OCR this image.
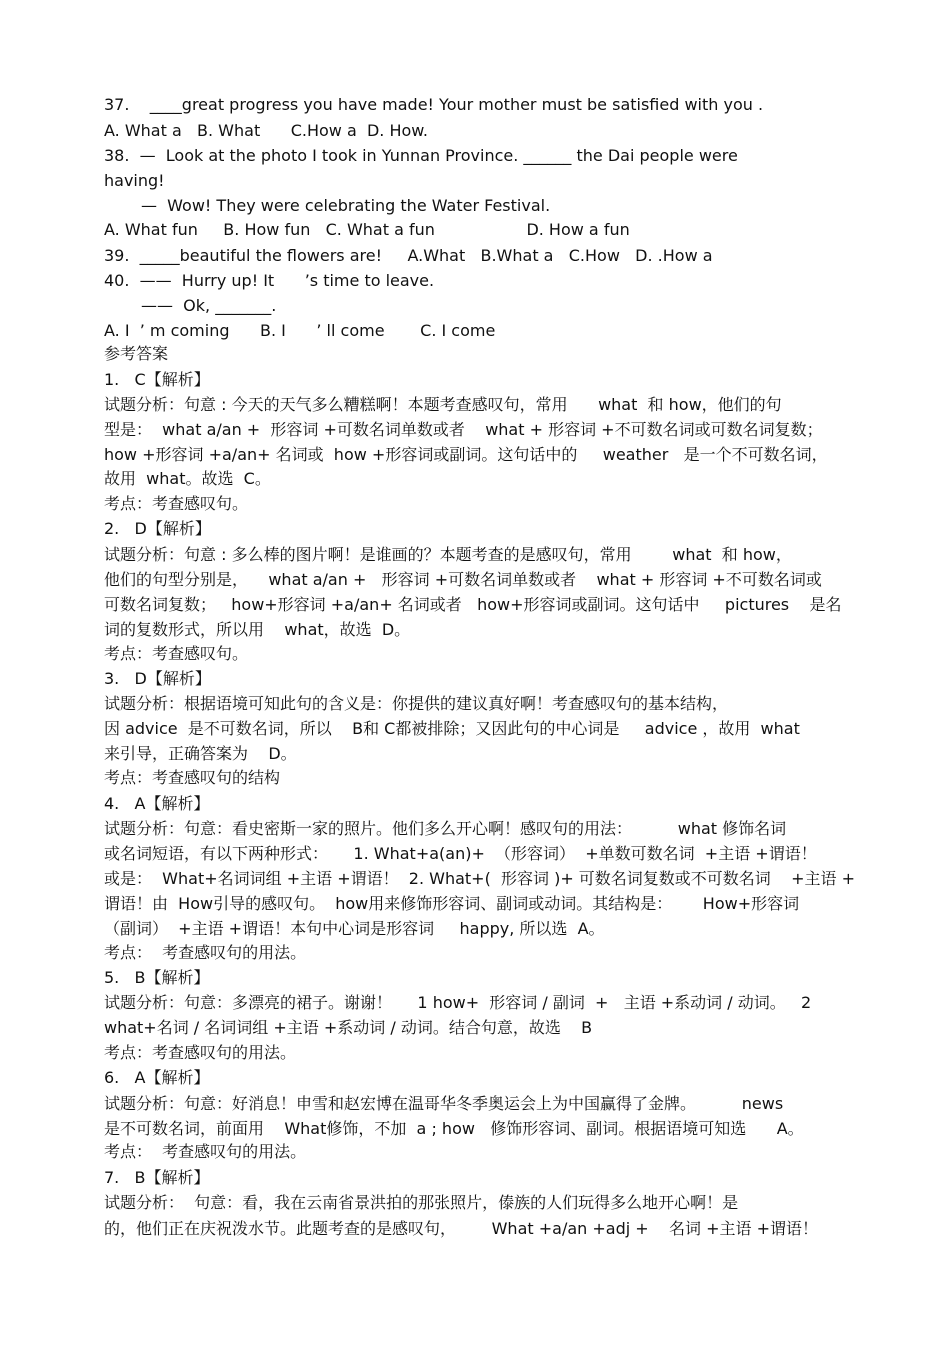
37.    ____great progress you have made! Your mother must be satisfied with you .

A. What a   B. What      C.How a  D. How.

38.  —  Look at the photo I took in Yunnan Province. ______ the Dai people were

having!

—  Wow! They were celebrating the Water Festival.

A. What fun     B. How fun   C. What a fun                  D. How a fun

39.  _____beautiful the flowers are!     A.What   B.What a   C.How   D. .How a

40.  ——  Hurry up! It      ’s time to leave.

——  Ok, _______.

A. I  ’ m coming      B. I      ’ ll come       C. I come

参考答案

1.   C【解析】

试题分析：句意 : 今天的天气多么糟糕啊！本题考查感叹句，常用      what  和 how，他们的句

型是：  what a/an +  形容词 +可数名词单数或者    what + 形容词 +不可数名词或可数名词复数；

how +形容词 +a/an+ 名词或  how +形容词或副词。这句话中的     weather   是一个不可数名词，

故用  what。故选  C。

考点：考查感叹句。

2.   D【解析】

试题分析：句意 : 多么棒的图片啊！是谁画的？本题考查的是感叹句，常用        what  和 how，

他们的句型分别是，    what a/an +   形容词 +可数名词单数或者    what + 形容词 +不可数名词或

可数名词复数；   how+形容词 +a/an+ 名词或者   how+形容词或副词。这句话中     pictures    是名

词的复数形式，所以用    what，故选  D。

考点：考查感叹句。

3.   D【解析】

试题分析：根据语境可知此句的含义是：你提供的建议真好啊！考查感叹句的基本结构，

因 advice  是不可数名词，所以    B和 C都被排除；又因此句的中心词是     advice ，故用  what

来引导，正确答案为    D。

考点：考查感叹句的结构

4.   A【解析】

试题分析：句意：看史密斯一家的照片。他们多么开心啊！感叹句的用法：         what 修饰名词

或名词短语，有以下两种形式：     1. What+a(an)+  （形容词）  +单数可数名词  +主语 +谓语！

或是：  What+名词词组 +主语 +谓语！  2. What+(  形容词 )+ 可数名词复数或不可数名词    +主语 +

谓语！由  How引导的感叹句。  how用来修饰形容词、副词或动词。其结构是：      How+形容词

（副词）  +主语 +谓语！本句中心词是形容词     happy, 所以选  A。

考点：  考查感叹句的用法。

5.   B【解析】

试题分析：句意：多漂亮的裙子。谢谢！     1 how+  形容词 / 副词  +   主语 +系动词 / 动词。   2

what+名词 / 名词词组 +主语 +系动词 / 动词。结合句意，故选    B

考点：考查感叹句的用法。

6.   A【解析】

试题分析：句意：好消息！申雪和赵宏博在温哥华冬季奥运会上为中国赢得了金牌。         news

是不可数名词，前面用    What修饰，不加  a ; how   修饰形容词、副词。根据语境可知选      A。

考点：  考查感叹句的用法。

7.   B【解析】

试题分析：  句意：看，我在云南省景洪拍的那张照片，傣族的人们玩得多么地开心啊！是

的，他们正在庆祝泼水节。此题考查的是感叹句，       What +a/an +adj +    名词 +主语 +谓语！
